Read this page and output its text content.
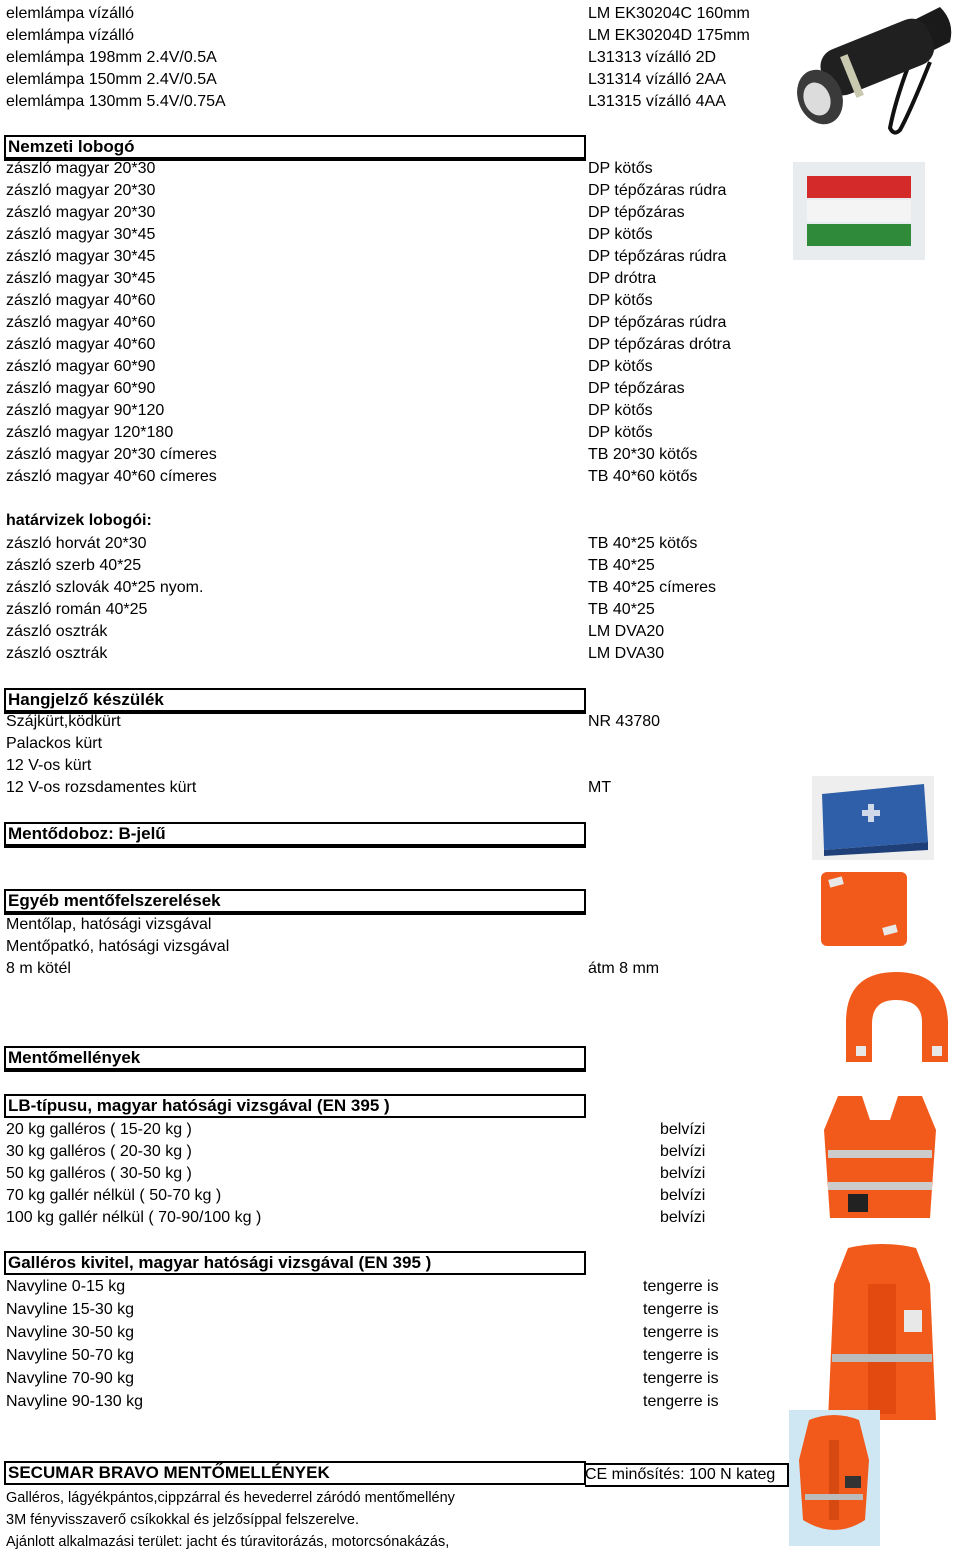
elemlámpa vízálló
elemlámpa vízálló
elemlámpa 198mm 2.4V/0.5A
elemlámpa 150mm 2.4V/0.5A
elemlámpa 130mm 5.4V/0.75A
LM EK30204C 160mm
LM EK30204D 175mm
L31313 vízálló 2D
L31314 vízálló 2AA
L31315 vízálló 4AA
Nemzeti lobogó
zászló magyar 20*30
zászló magyar 20*30
zászló magyar 20*30
zászló magyar 30*45
zászló magyar 30*45
zászló magyar 30*45
zászló magyar 40*60
zászló magyar 40*60
zászló magyar 40*60
zászló magyar 60*90
zászló magyar 60*90
zászló magyar 90*120
zászló magyar 120*180
zászló magyar 20*30 címeres
zászló magyar 40*60 címeres
DP kötős
DP tépőzáras rúdra
DP tépőzáras
DP kötős
DP tépőzáras rúdra
DP drótra
DP kötős
DP tépőzáras rúdra
DP tépőzáras drótra
DP kötős
DP tépőzáras
DP kötős
DP kötős
TB 20*30 kötős
TB 40*60 kötős
határvizek lobogói:
zászló horvát 20*30
zászló szerb 40*25
zászló szlovák 40*25 nyom.
zászló román 40*25
zászló osztrák
zászló osztrák
TB 40*25 kötős
TB 40*25
TB 40*25 címeres
TB 40*25
LM DVA20
LM DVA30
Hangjelző készülék
Szájkürt,ködkürt
Palackos kürt
12 V-os kürt
12 V-os rozsdamentes kürt
NR 43780
MT
Mentődoboz: B-jelű
Egyéb mentőfelszerelések
Mentőlap, hatósági vizsgával
Mentőpatkó, hatósági vizsgával
8 m kötél	átm 8 mm
Mentőmellények
LB-típusu, magyar hatósági vizsgával (EN 395 )
20 kg galléros ( 15-20 kg )
30 kg galléros ( 20-30 kg )
50 kg galléros ( 30-50 kg )
70 kg gallér nélkül ( 50-70 kg )
100 kg gallér nélkül ( 70-90/100 kg )
belvízi
belvízi
belvízi
belvízi
belvízi
Galléros kivitel, magyar hatósági vizsgával (EN 395 )
Navyline 0-15 kg
Navyline 15-30 kg
Navyline 30-50 kg
Navyline 50-70 kg
Navyline 70-90 kg
Navyline 90-130 kg
tengerre is
tengerre is
tengerre is
tengerre is
tengerre is
tengerre is
SECUMAR BRAVO MENTŐMELLÉNYEK	CE minősítés: 100 N kateg
Galléros, lágyékpántos,cippzárral és hevederrel záródó mentőmellény
3M fényvisszaverő csíkokkal és jelzősíppal felszerelve.
Ajánlott alkalmazási terület: jacht és túravitorázás, motorcsónakázás,
